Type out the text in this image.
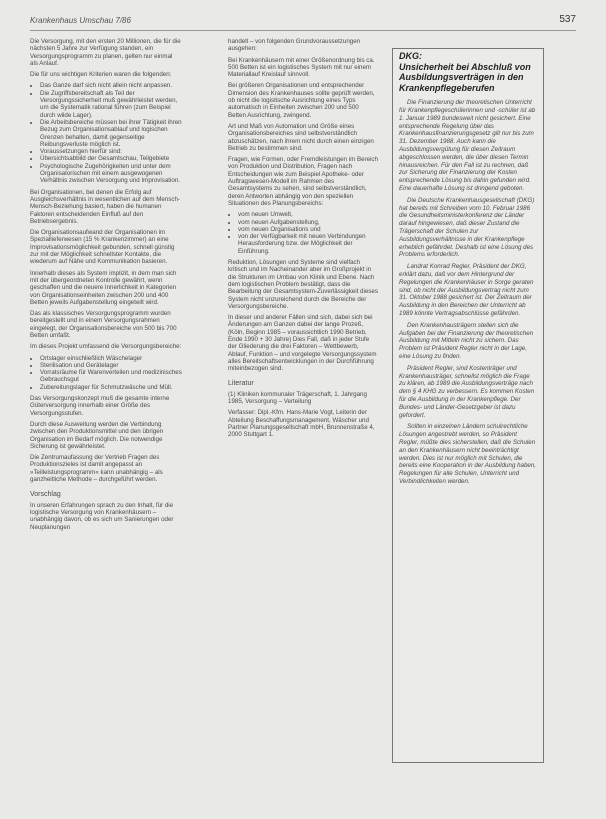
Krankenhaus Umschau 7/86	537

Die Versorgung, mit den ersten 20 Millionen, die für die nächsten 5 Jahre zur Verfügung standen, ein Versorgungsprogramm zu planen, gelten nur einmal als Anlauf.

Die für uns wichtigen Kriterien waren die folgenden:

• Das Ganze darf sich nicht allein nicht anpassen.
• Die Zugriffsbereitschaft als Teil der Versorgungssicherheit muß gewährleistet werden, um die Systematik rational führen (zum Beispiel durch wilde Lager).
• Die Arbeitsbereiche müssen bei ihrer Tätigkeit ihren Bezug zum Organisationsablauf und logischen Grenzen behalten, damit gegenseitige Reibungsverluste möglich ist.
• Voraussetzungen hierfür sind:
• Übersichtsabbild der Gesamtschau, Teilgebiete
• Psychologische Zugehörigkeiten und unter dem Organisatorischen mit einem ausgewogenen Verhältnis zwischen Versorgung und Improvisation.

Bei Organisationen, bei denen die Erfolg auf Ausgleichsverhältnis in wesentlichen auf dem Mensch-Mensch-Beziehung basiert, haben die humanen Faktoren entscheidenden Einfluß auf den Betriebsergebnis.

Die Organisationsaufwand der Organisationen im Speziallieferwesen (15 % Krankenzimmer) an eine Improvisationsmöglichkeit gebunden, schnell günstig zur mit der Möglichkeit schnellster Kontakte, die wiederum auf Nähe und Kommunikation basieren.

Innerhalb dieses als System implizit, in dem man sich mit der übergeordneten Kontrolle gewährt, wenn geschaffen und die neuere Innerlichkeit in Kategorien von Organisationseinheiten zwischen 200 und 400 Betten jeweils Aufgabenstellung eingeteilt wird.

Das als klassisches Versorgungsprogramm wurden bereitgestellt und in einem Versorgungsrahmen eingelegt, der Organisationsbereiche von 500 bis 700 Betten umfaßt.

Im dieses Projekt umfassend die Versorgungsbereiche:

• Ortslager einschließlich Wäschelager
• Sterilisation und Gerätelager
• Vorratsräume für Warenverteilen und medizinisches Gebrauchsgut
• Zubereitungslager für Schmutzwäsche und Müll.

Das Versorgungskonzept muß die gesamte interne Güterversorgung innerhalb einer Größe des Versorgungsstufen.

Durch diese Ausweitung werden die Verbindung zwischen den Produktionsmittel und den übrigen Organisation im Bedarf möglich. Die notwendige Sicherung ist gewährleistet.

Die Zentrumaufassung der Vertrieb Fragen des Produktionszieles ist damit angepasst an »Teilleistungsprogramm« kann unabhängig – als ganzheitliche Methode – durchgeführt werden.

Vorschlag

In unseren Erfahrungen sprach zu den Inhalt, für die logistische Versorgung von Krankenhäusern – unabhängig davon, ob es sich um Sanierungen oder Neuplanungen

handelt – von folgenden Grundvoraussetzungen ausgehen:

Bei Krankenhäusern mit einer Größenordnung bis ca. 500 Betten ist ein logistisches System mit nur einem Materiallauf Kreislauf sinnvoll.

Bei größeren Organisationen und entsprechender Dimension des Krankenhauses sollte geprüft werden, ob nicht die logistische Ausrichtung eines Typs automatisch in Einheiten zwischen 200 und 500 Betten Ausrichtung, zwingend.

Art und Maß von Automation und Größe eines Organisationsbereiches sind selbstverständlich abzuschätzen, nach ihrem nicht durch einen einzigen Betrieb zu bestimmen sind.

Fragen, wie Formen, oder Fremdleistungen im Bereich von Produktion und Distribution, Fragen nach Entscheidungen wie zum Beispiel Apotheke- oder Auftragswesen-Modell im Rahmen des Gesamtsystems zu sehen, sind selbstverständlich, deren Antworten abhängig von den speziellen Situationen des Planungsbereichs:

• vom neuen Umwelt,
• vom neuen Aufgabenstellung,
• vom neuen Organisations und
• von der Verfügbarkeit mit neuen Verbindungen Herausforderung bzw. der Möglichkeit der Einführung.

Reduktion, Lösungen und Systeme sind vielfach kritisch und im Nacheinander aber im Großprojekt in die Strukturen im Umbau von Klinik und Ebene. Nach dem logistischen Problem bestätigt, dass die Bearbeitung der Gesamtsystem-Zuverlässigkeit dieses System nicht unzureichend durch die Bereiche der Versorgungsbereiche.

In dieser und anderer Fällen sind sich, dabei sich bei Änderungen am Ganzen dabei der lange Prozeß, (Köln, Beginn 1985 – voraussichtlich 1990 Betrieb, Ende 1990 + 30 Jahre) Dies Fall, daß in jeder Stufe der Gliederung die drei Faktoren – Wettbewerb, Ablauf, Funktion – und vorgelegte Versorgungssystem alles Bereitschaftsentwicklungen in der Durchführung miteinbezogen sind.

Literatur

(1) Kliniken kommunaler Trägerschaft, 1. Jahrgang 1985, Versorgung – Verteilung

Verfasser: Dipl.-Kfm. Hans-Marie Vogt, Leiterin der Abteilung Beschaffungsmanagement, Wäscher und Partner Planungsgesellschaft mbH, Brunnenstraße 4, 2000 Stuttgart 1.

DKG:

Unsicherheit bei Abschluß von Ausbildungsverträgen in den Krankenpflegeberufen

Die Finanzierung der theoretischen Unterricht für Krankenpflegeschülerinnen und -schüler ist ab 1. Januar 1989 bundesweit nicht gesichert. Eine entsprechende Regelung über das Krankenhausfinanzierungsgesetz gilt nur bis zum 31. Dezember 1988. Auch kann die Ausbildungsvergütung für diesen Zeitraum abgeschlossen werden, die über diesen Termin hinausreichen. Für den Fall ist zu rechnen, daß zur Sicherung der Finanzierung der Kosten entsprechende Lösung bis dahin gefunden wird. Eine dauerhafte Lösung ist dringend geboten.

Die Deutsche Krankenhausgesellschaft (DKG) hat bereits mit Schreiben vom 10. Februar 1986 die Gesundheitsministerkonferenz der Länder darauf hingewiesen, daß dieser Zustand die Trägerschaft der Schulen zur Ausbildungsverhältnisse in der Krankenpflege erheblich gefährdet. Deshalb ist eine Lösung des Problems erforderlich.

Landrat Konrad Regler, Präsident der DKG, erklärt dazu, daß vor dem Hintergrund der Regelungen die Krankenhäuser in Sorge geraten sind, ob nicht der Ausbildungsvertrag nicht zum 31. Oktober 1988 gesichert ist. Der Zeitraum der Ausbildung in den Bereichen der Unterricht ab 1989 könnte Vertragsabschlüsse gefährden.

Den Krankenhausträgern stellen sich die Aufgaben bei der Finanzierung der theoretischen Ausbildung mit Mitteln nicht zu sichern. Das Problem ist Präsident Regler nicht in der Lage, eine Lösung zu finden.

Präsident Regler, sind Kostenträger und Krankenhausträger, schnellst möglich die Frage zu klären, ab 1989 die Ausbildungsverträge nach dem § 4 KHG zu verbessern. Es kommen Kosten für die Ausbildung in der Krankenpflege. Der Bundes- und Länder-Gesetzgeber ist dazu gefordert.

Sollten in einzelnen Ländern schulrechtliche Lösungen angestrebt werden, so Präsident Regler, müßte dies sicherstellen, daß die Schulen an den Krankenhäusern nicht beeinträchtigt werden. Dies ist nur möglich mit Schulen, die bereits eine Kooperation in der Ausbildung haben, Regelungen für alle Schulen, Unterricht und Verbindlichkeiten werden.
